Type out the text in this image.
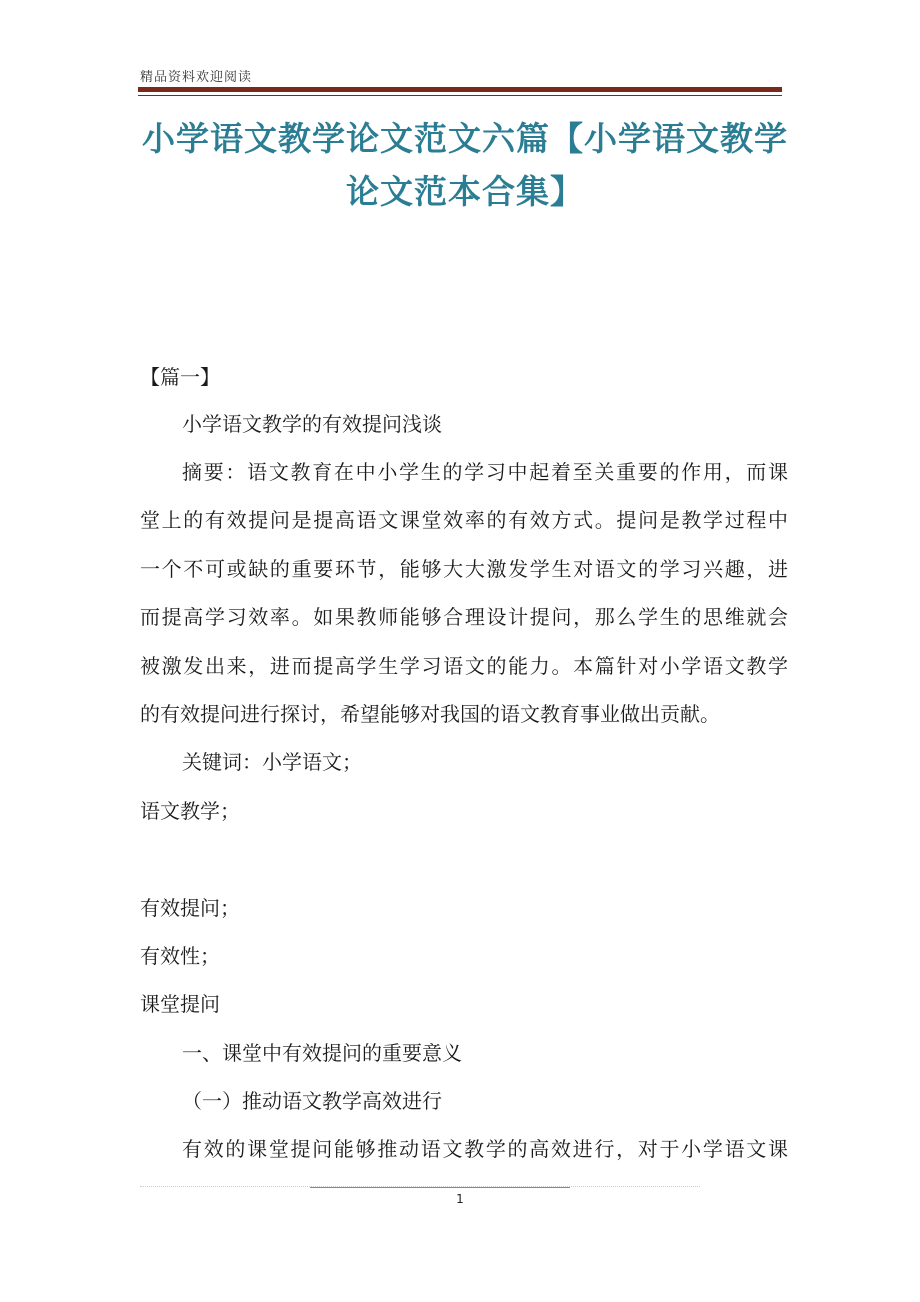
精品资料欢迎阅读
小学语文教学论文范文六篇【小学语文教学
论文范本合集】
【篇一】
小学语文教学的有效提问浅谈
摘要：语文教育在中小学生的学习中起着至关重要的作用，而课
堂上的有效提问是提高语文课堂效率的有效方式。提问是教学过程中
一个不可或缺的重要环节，能够大大激发学生对语文的学习兴趣，进
而提高学习效率。如果教师能够合理设计提问，那么学生的思维就会
被激发出来，进而提高学生学习语文的能力。本篇针对小学语文教学
的有效提问进行探讨，希望能够对我国的语文教育事业做出贡献。
关键词：小学语文；
语文教学；
有效提问；
有效性；
课堂提问
一、课堂中有效提问的重要意义
（一）推动语文教学高效进行
有效的课堂提问能够推动语文教学的高效进行，对于小学语文课
1
